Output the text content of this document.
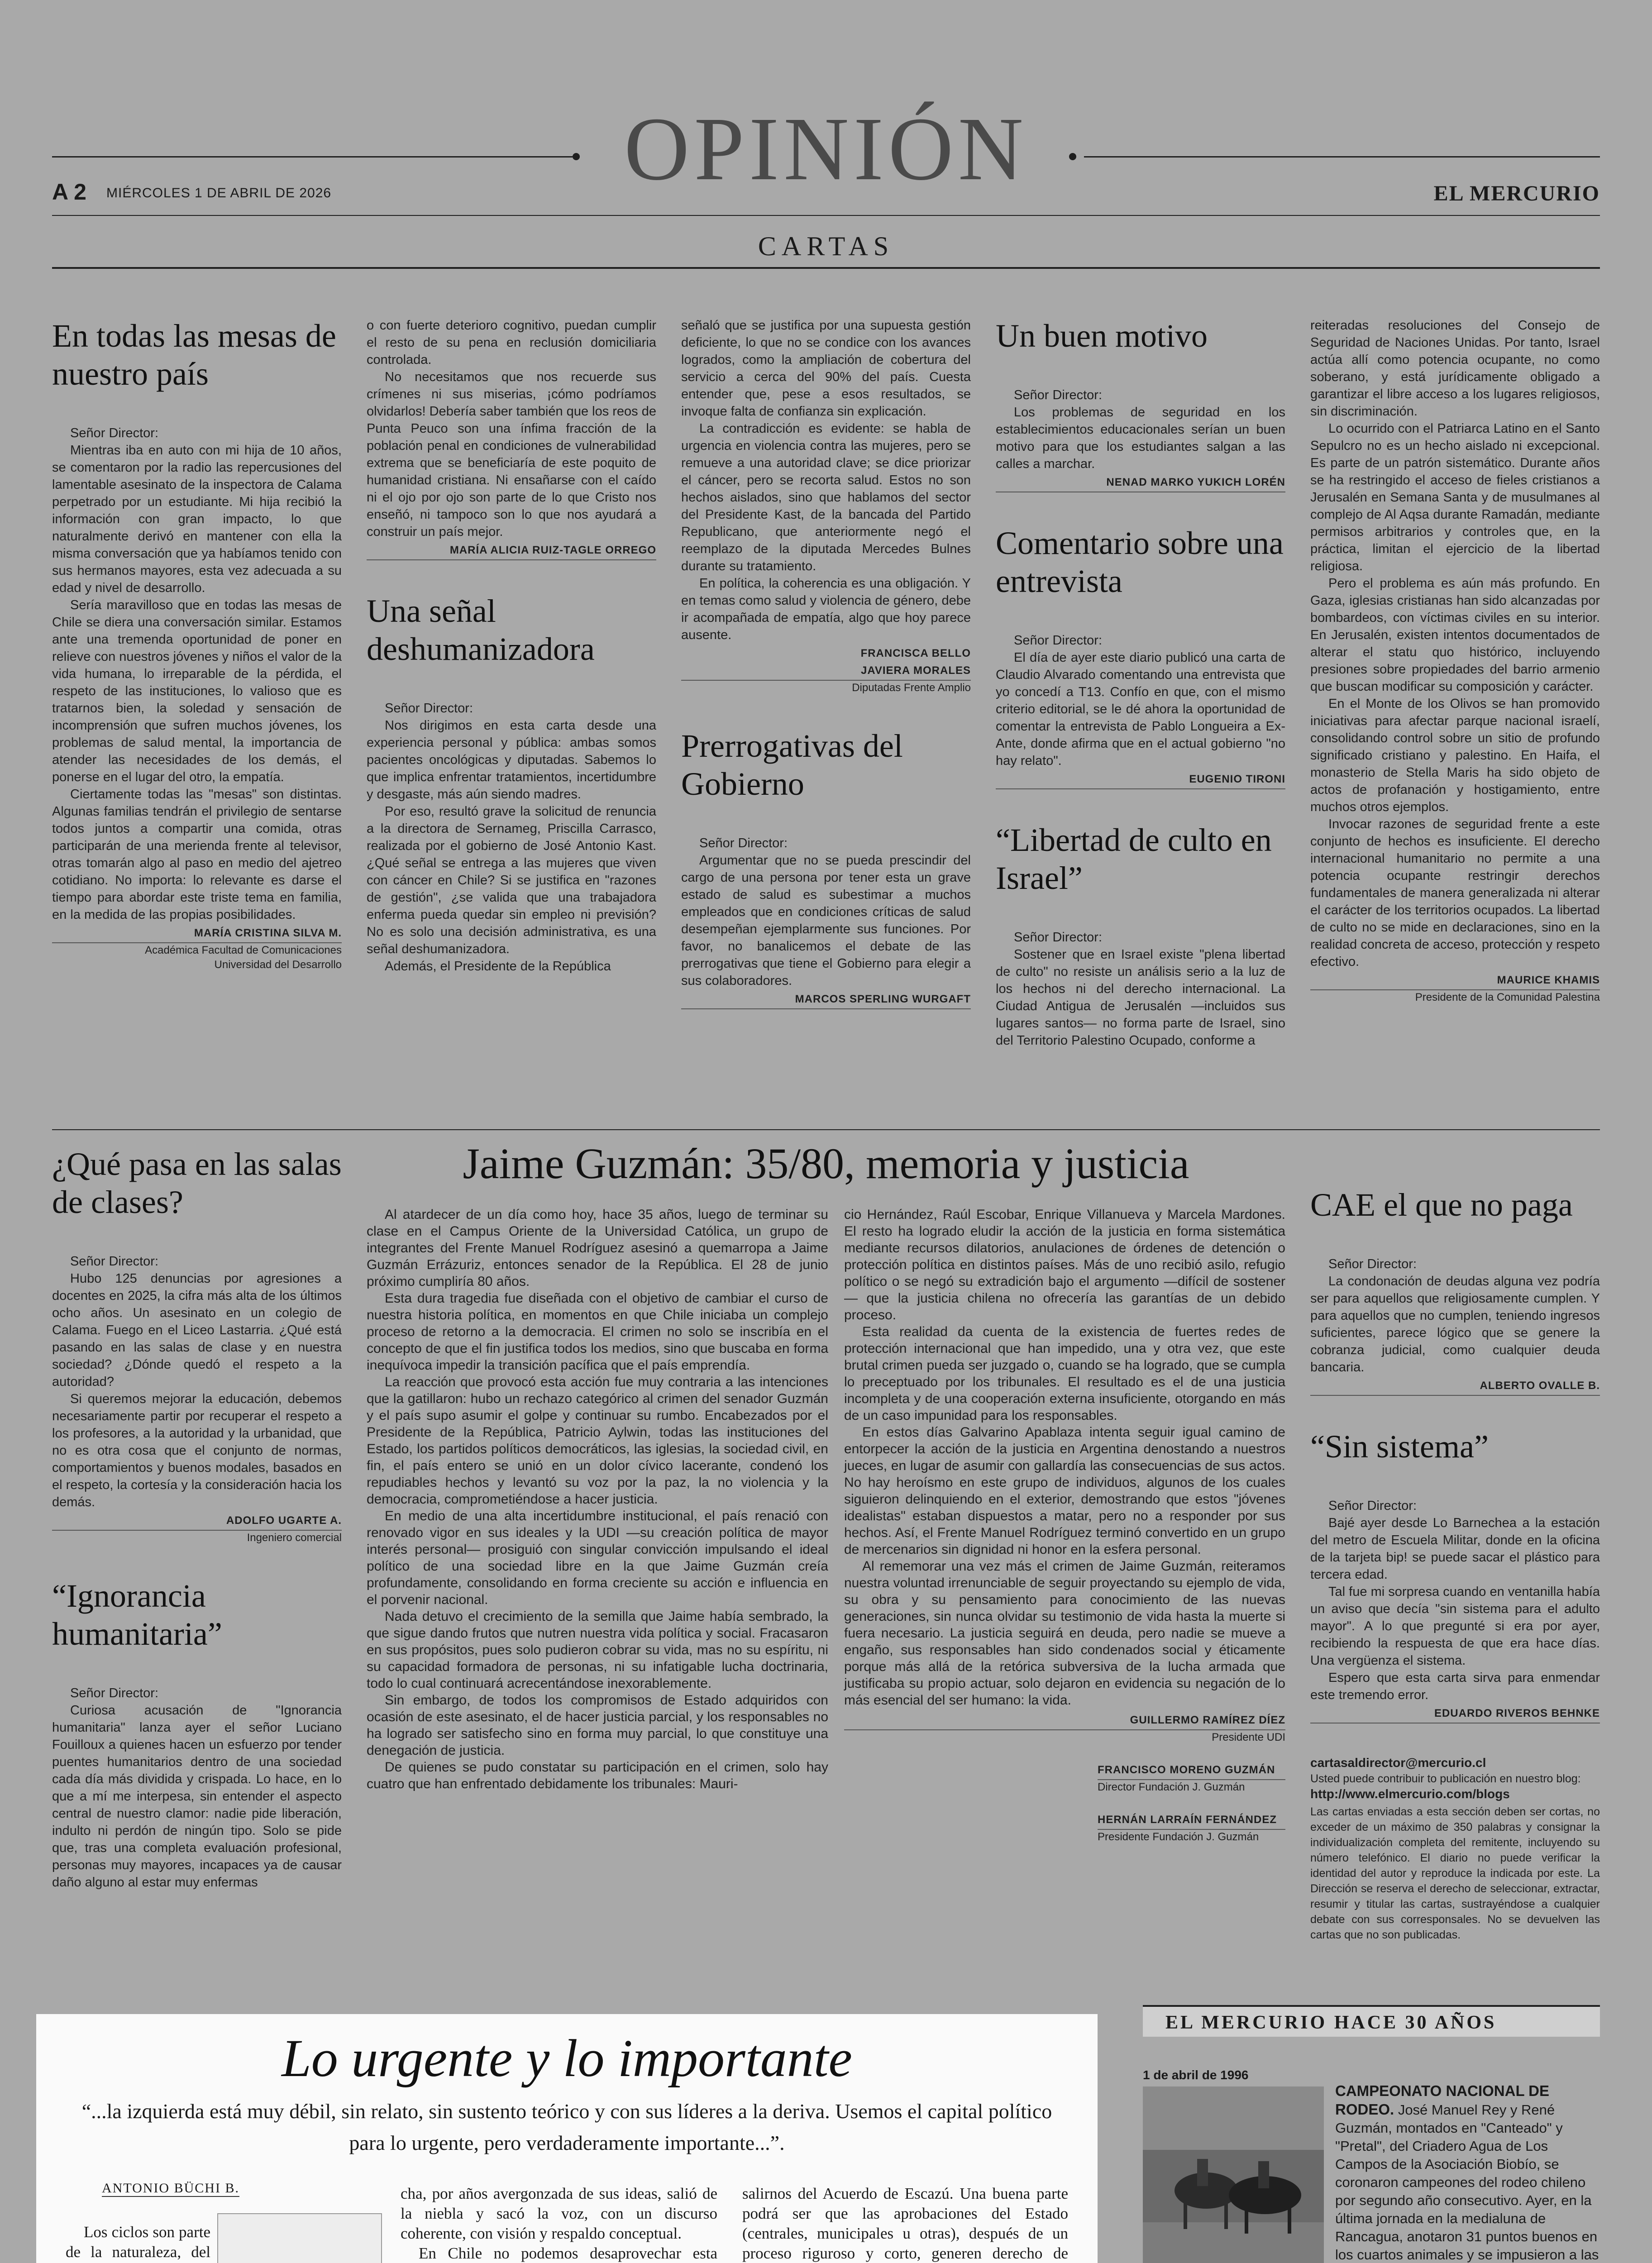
OPINIÓN
A 2 MIÉRCOLES 1 DE ABRIL DE 2026	EL MERCURIO
CARTAS
En todas las mesas de nuestro país

Señor Director:

Mientras iba en auto con mi hija de 10 años, se comentaron por la radio las repercusiones del lamentable asesinato de la inspectora de Calama perpetrado por un estudiante. Mi hija recibió la información con gran impacto, lo que naturalmente derivó en mantener con ella la misma conversación que ya habíamos tenido con sus hermanos mayores, esta vez adecuada a su edad y nivel de desarrollo.

Sería maravilloso que en todas las mesas de Chile se diera una conversación similar. Estamos ante una tremenda oportunidad de poner en relieve con nuestros jóvenes y niños el valor de la vida humana, lo irreparable de la pérdida, el respeto de las instituciones, lo valioso que es tratarnos bien, la soledad y sensación de incomprensión que sufren muchos jóvenes, los problemas de salud mental, la importancia de atender las necesidades de los demás, el ponerse en el lugar del otro, la empatía.

Ciertamente todas las "mesas" son distintas. Algunas familias tendrán el privilegio de sentarse todos juntos a compartir una comida, otras participarán de una merienda frente al televisor, otras tomarán algo al paso en medio del ajetreo cotidiano. No importa: lo relevante es darse el tiempo para abordar este triste tema en familia, en la medida de las propias posibilidades.

MARÍA CRISTINA SILVA M.
Académica Facultad de Comunicaciones
Universidad del Desarrollo

o con fuerte deterioro cognitivo, puedan cumplir el resto de su pena en reclusión domiciliaria controlada.

No necesitamos que nos recuerde sus crímenes ni sus miserias, ¡cómo podríamos olvidarlos! Debería saber también que los reos de Punta Peuco son una ínfima fracción de la población penal en condiciones de vulnerabilidad extrema que se beneficiaría de este poquito de humanidad cristiana. Ni ensañarse con el caído ni el ojo por ojo son parte de lo que Cristo nos enseñó, ni tampoco son lo que nos ayudará a construir un país mejor.

MARÍA ALICIA RUIZ-TAGLE ORREGO
Una señal deshumanizadora

Señor Director:

Nos dirigimos en esta carta desde una experiencia personal y pública: ambas somos pacientes oncológicas y diputadas. Sabemos lo que implica enfrentar tratamientos, incertidumbre y desgaste, más aún siendo madres.

Por eso, resultó grave la solicitud de renuncia a la directora de Sernameg, Priscilla Carrasco, realizada por el gobierno de José Antonio Kast. ¿Qué señal se entrega a las mujeres que viven con cáncer en Chile? Si se justifica en "razones de gestión", ¿se valida que una trabajadora enferma pueda quedar sin empleo ni previsión? No es solo una decisión administrativa, es una señal deshumanizadora.

Además, el Presidente de la República

señaló que se justifica por una supuesta gestión deficiente, lo que no se condice con los avances logrados, como la ampliación de cobertura del servicio a cerca del 90% del país. Cuesta entender que, pese a esos resultados, se invoque falta de confianza sin explicación.

La contradicción es evidente: se habla de urgencia en violencia contra las mujeres, pero se remueve a una autoridad clave; se dice priorizar el cáncer, pero se recorta salud. Estos no son hechos aislados, sino que hablamos del sector del Presidente Kast, de la bancada del Partido Republicano, que anteriormente negó el reemplazo de la diputada Mercedes Bulnes durante su tratamiento.

En política, la coherencia es una obligación. Y en temas como salud y violencia de género, debe ir acompañada de empatía, algo que hoy parece ausente.

FRANCISCA BELLO
JAVIERA MORALES
Diputadas Frente Amplio
Prerrogativas del Gobierno

Señor Director:

Argumentar que no se pueda prescindir del cargo de una persona por tener esta un grave estado de salud es subestimar a muchos empleados que en condiciones críticas de salud desempeñan ejemplarmente sus funciones. Por favor, no banalicemos el debate de las prerrogativas que tiene el Gobierno para elegir a sus colaboradores.

MARCOS SPERLING WURGAFT
Un buen motivo

Señor Director:

Los problemas de seguridad en los establecimientos educacionales serían un buen motivo para que los estudiantes salgan a las calles a marchar.

NENAD MARKO YUKICH LORÉN
Comentario sobre una entrevista

Señor Director:

El día de ayer este diario publicó una carta de Claudio Alvarado comentando una entrevista que yo concedí a T13. Confío en que, con el mismo criterio editorial, se le dé ahora la oportunidad de comentar la entrevista de Pablo Longueira a Ex-Ante, donde afirma que en el actual gobierno "no hay relato".

EUGENIO TIRONI
“Libertad de culto en Israel”

Señor Director:

Sostener que en Israel existe "plena libertad de culto" no resiste un análisis serio a la luz de los hechos ni del derecho internacional. La Ciudad Antigua de Jerusalén —incluidos sus lugares santos— no forma parte de Israel, sino del Territorio Palestino Ocupado, conforme a

reiteradas resoluciones del Consejo de Seguridad de Naciones Unidas. Por tanto, Israel actúa allí como potencia ocupante, no como soberano, y está jurídicamente obligado a garantizar el libre acceso a los lugares religiosos, sin discriminación.

Lo ocurrido con el Patriarca Latino en el Santo Sepulcro no es un hecho aislado ni excepcional. Es parte de un patrón sistemático. Durante años se ha restringido el acceso de fieles cristianos a Jerusalén en Semana Santa y de musulmanes al complejo de Al Aqsa durante Ramadán, mediante permisos arbitrarios y controles que, en la práctica, limitan el ejercicio de la libertad religiosa.

Pero el problema es aún más profundo. En Gaza, iglesias cristianas han sido alcanzadas por bombardeos, con víctimas civiles en su interior. En Jerusalén, existen intentos documentados de alterar el statu quo histórico, incluyendo presiones sobre propiedades del barrio armenio que buscan modificar su composición y carácter.

En el Monte de los Olivos se han promovido iniciativas para afectar parque nacional israelí, consolidando control sobre un sitio de profundo significado cristiano y palestino. En Haifa, el monasterio de Stella Maris ha sido objeto de actos de profanación y hostigamiento, entre muchos otros ejemplos.

Invocar razones de seguridad frente a este conjunto de hechos es insuficiente. El derecho internacional humanitario no permite a una potencia ocupante restringir derechos fundamentales de manera generalizada ni alterar el carácter de los territorios ocupados. La libertad de culto no se mide en declaraciones, sino en la realidad concreta de acceso, protección y respeto efectivo.

MAURICE KHAMIS
Presidente de la Comunidad Palestina
¿Qué pasa en las salas de clases?

Señor Director:

Hubo 125 denuncias por agresiones a docentes en 2025, la cifra más alta de los últimos ocho años. Un asesinato en un colegio de Calama. Fuego en el Liceo Lastarria. ¿Qué está pasando en las salas de clase y en nuestra sociedad? ¿Dónde quedó el respeto a la autoridad?

Si queremos mejorar la educación, debemos necesariamente partir por recuperar el respeto a los profesores, a la autoridad y la urbanidad, que no es otra cosa que el conjunto de normas, comportamientos y buenos modales, basados en el respeto, la cortesía y la consideración hacia los demás.

ADOLFO UGARTE A.
Ingeniero comercial
“Ignorancia humanitaria”

Señor Director:

Curiosa acusación de "Ignorancia humanitaria" lanza ayer el señor Luciano Fouilloux a quienes hacen un esfuerzo por tender puentes humanitarios dentro de una sociedad cada día más dividida y crispada. Lo hace, en lo que a mí me interpesa, sin entender el aspecto central de nuestro clamor: nadie pide liberación, indulto ni perdón de ningún tipo. Solo se pide que, tras una completa evaluación profesional, personas muy mayores, incapaces ya de causar daño alguno al estar muy enfermas

Jaime Guzmán: 35/80, memoria y justicia

Al atardecer de un día como hoy, hace 35 años, luego de terminar su clase en el Campus Oriente de la Universidad Católica, un grupo de integrantes del Frente Manuel Rodríguez asesinó a quemarropa a Jaime Guzmán Errázuriz, entonces senador de la República. El 28 de junio próximo cumpliría 80 años.

Esta dura tragedia fue diseñada con el objetivo de cambiar el curso de nuestra historia política, en momentos en que Chile iniciaba un complejo proceso de retorno a la democracia. El crimen no solo se inscribía en el concepto de que el fin justifica todos los medios, sino que buscaba en forma inequívoca impedir la transición pacífica que el país emprendía.

La reacción que provocó esta acción fue muy contraria a las intenciones que la gatillaron: hubo un rechazo categórico al crimen del senador Guzmán y el país supo asumir el golpe y continuar su rumbo. Encabezados por el Presidente de la República, Patricio Aylwin, todas las instituciones del Estado, los partidos políticos democráticos, las iglesias, la sociedad civil, en fin, el país entero se unió en un dolor cívico lacerante, condenó los repudiables hechos y levantó su voz por la paz, la no violencia y la democracia, comprometiéndose a hacer justicia.

En medio de una alta incertidumbre institucional, el país renació con renovado vigor en sus ideales y la UDI —su creación política de mayor interés personal— prosiguió con singular convicción impulsando el ideal político de una sociedad libre en la que Jaime Guzmán creía profundamente, consolidando en forma creciente su acción e influencia en el porvenir nacional.

Nada detuvo el crecimiento de la semilla que Jaime había sembrado, la que sigue dando frutos que nutren nuestra vida política y social. Fracasaron en sus propósitos, pues solo pudieron cobrar su vida, mas no su espíritu, ni su capacidad formadora de personas, ni su infatigable lucha doctrinaria, todo lo cual continuará acrecentándose inexorablemente.

Sin embargo, de todos los compromisos de Estado adquiridos con ocasión de este asesinato, el de hacer justicia parcial, y los responsables no ha logrado ser satisfecho sino en forma muy parcial, lo que constituye una denegación de justicia.

De quienes se pudo constatar su participación en el crimen, solo hay cuatro que han enfrentado debidamente los tribunales: Mauri-

cio Hernández, Raúl Escobar, Enrique Villanueva y Marcela Mardones. El resto ha logrado eludir la acción de la justicia en forma sistemática mediante recursos dilatorios, anulaciones de órdenes de detención o protección política en distintos países. Más de uno recibió asilo, refugio político o se negó su extradición bajo el argumento —difícil de sostener— que la justicia chilena no ofrecería las garantías de un debido proceso.

Esta realidad da cuenta de la existencia de fuertes redes de protección internacional que han impedido, una y otra vez, que este brutal crimen pueda ser juzgado o, cuando se ha logrado, que se cumpla lo preceptuado por los tribunales. El resultado es el de una justicia incompleta y de una cooperación externa insuficiente, otorgando en más de un caso impunidad para los responsables.

En estos días Galvarino Apablaza intenta seguir igual camino de entorpecer la acción de la justicia en Argentina denostando a nuestros jueces, en lugar de asumir con gallardía las consecuencias de sus actos. No hay heroísmo en este grupo de individuos, algunos de los cuales siguieron delinquiendo en el exterior, demostrando que estos "jóvenes idealistas" estaban dispuestos a matar, pero no a responder por sus hechos. Así, el Frente Manuel Rodríguez terminó convertido en un grupo de mercenarios sin dignidad ni honor en la esfera personal.

Al rememorar una vez más el crimen de Jaime Guzmán, reiteramos nuestra voluntad irrenunciable de seguir proyectando su ejemplo de vida, su obra y su pensamiento para conocimiento de las nuevas generaciones, sin nunca olvidar su testimonio de vida hasta la muerte si fuera necesario. La justicia seguirá en deuda, pero nadie se mueve a engaño, sus responsables han sido condenados social y éticamente porque más allá de la retórica subversiva de la lucha armada que justificaba su propio actuar, solo dejaron en evidencia su negación de lo más esencial del ser humano: la vida.

GUILLERMO RAMÍREZ DÍEZ
Presidente UDI
FRANCISCO MORENO GUZMÁN
Director Fundación J. Guzmán
HERNÁN LARRAÍN FERNÁNDEZ
Presidente Fundación J. Guzmán
CAE el que no paga

Señor Director:

La condonación de deudas alguna vez podría ser para aquellos que religiosamente cumplen. Y para aquellos que no cumplen, teniendo ingresos suficientes, parece lógico que se genere la cobranza judicial, como cualquier deuda bancaria.

ALBERTO OVALLE B.
“Sin sistema”

Señor Director:

Bajé ayer desde Lo Barnechea a la estación del metro de Escuela Militar, donde en la oficina de la tarjeta bip! se puede sacar el plástico para tercera edad.

Tal fue mi sorpresa cuando en ventanilla había un aviso que decía "sin sistema para el adulto mayor". A lo que pregunté si era por ayer, recibiendo la respuesta de que era hace días. Una vergüenza el sistema.

Espero que esta carta sirva para enmendar este tremendo error.

EDUARDO RIVEROS BEHNKE
cartasaldirector@mercurio.cl
Usted puede contribuir to publicación en nuestro blog:
http://www.elmercurio.com/blogs
Las cartas enviadas a esta sección deben ser cortas, no exceder de un máximo de 350 palabras y consignar la individualización completa del remitente, incluyendo su número telefónico. El diario no puede verificar la identidad del autor y reproduce la indicada por este. La Dirección se reserva el derecho de seleccionar, extractar, resumir y titular las cartas, sustrayéndose a cualquier debate con sus corresponsales. No se devuelven las cartas que no son publicadas.
Lo urgente y lo importante
“...la izquierda está muy débil, sin relato, sin sustento teórico y con sus líderes a la deriva. Usemos el capital político para lo urgente, pero verdaderamente importante...”.
ANTONIO BÜCHI B.

Los ciclos son parte de la naturaleza, del

cha, por años avergonzada de sus ideas, salió de la niebla y sacó la voz, con un discurso coherente, con visión y respaldo conceptual.

En Chile no podemos desaprovechar esta

salirnos del Acuerdo de Escazú. Una buena parte podrá ser que las aprobaciones del Estado (centrales, municipales u otras), después de un proceso riguroso y corto, generen derecho de

EL MERCURIO HACE 30 AÑOS
1 de abril de 1996
CAMPEONATO NACIONAL DE RODEO. José Manuel Rey y René Guzmán, montados en "Canteado" y "Pretal", del Criadero Agua de Los Campos de la Asociación Biobío, se coronaron campeones del rodeo chileno por segundo año consecutivo. Ayer, en la última jornada en la medialuna de Rancagua, anotaron 31 puntos buenos en los cuartos animales y se impusieron a las
